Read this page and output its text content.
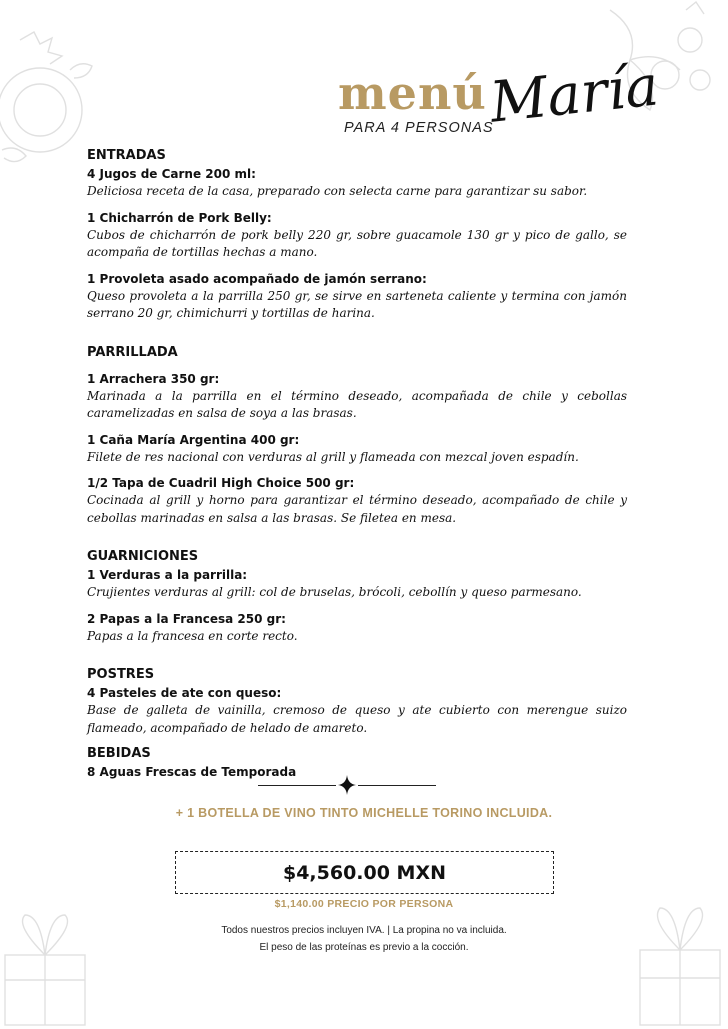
menú
PARA 4 PERSONAS
María

ENTRADAS

4 Jugos de Carne 200 ml:

Deliciosa receta de la casa, preparado con selecta carne para garantizar su sabor.

1 Chicharrón de Pork Belly:

Cubos de chicharrón de pork belly 220 gr, sobre guacamole 130 gr y pico de gallo, se acompaña de tortillas hechas a mano.

1 Provoleta asado acompañado de jamón serrano:

Queso provoleta a la parrilla 250 gr, se sirve en sarteneta caliente y termina con jamón serrano 20 gr, chimichurri y tortillas de harina.

PARRILLADA

1 Arrachera 350 gr:

Marinada a la parrilla en el término deseado, acompañada de chile y cebollas caramelizadas en salsa de soya a las brasas.

1 Caña María Argentina 400 gr:

Filete de res nacional con verduras al grill y flameada con mezcal joven espadín.

1/2 Tapa de Cuadril High Choice 500 gr:

Cocinada al grill y horno para garantizar el término deseado, acompañado de chile y cebollas marinadas en salsa a las brasas. Se filetea en mesa.

GUARNICIONES

1 Verduras a la parrilla:

Crujientes verduras al grill: col de bruselas, brócoli, cebollín y queso parmesano.

2 Papas a la Francesa 250 gr:

Papas a la francesa en corte recto.

POSTRES

4 Pasteles de ate con queso:

Base de galleta de vainilla, cremoso de queso y ate cubierto con merengue suizo flameado, acompañado de helado de amareto.

BEBIDAS

8 Aguas Frescas de Temporada

+ 1 BOTELLA DE VINO TINTO MICHELLE TORINO INCLUIDA.
$4,560.00 MXN
$1,140.00 PRECIO POR PERSONA
Todos nuestros precios incluyen IVA. | La propina no va incluida.
El peso de las proteínas es previo a la cocción.
